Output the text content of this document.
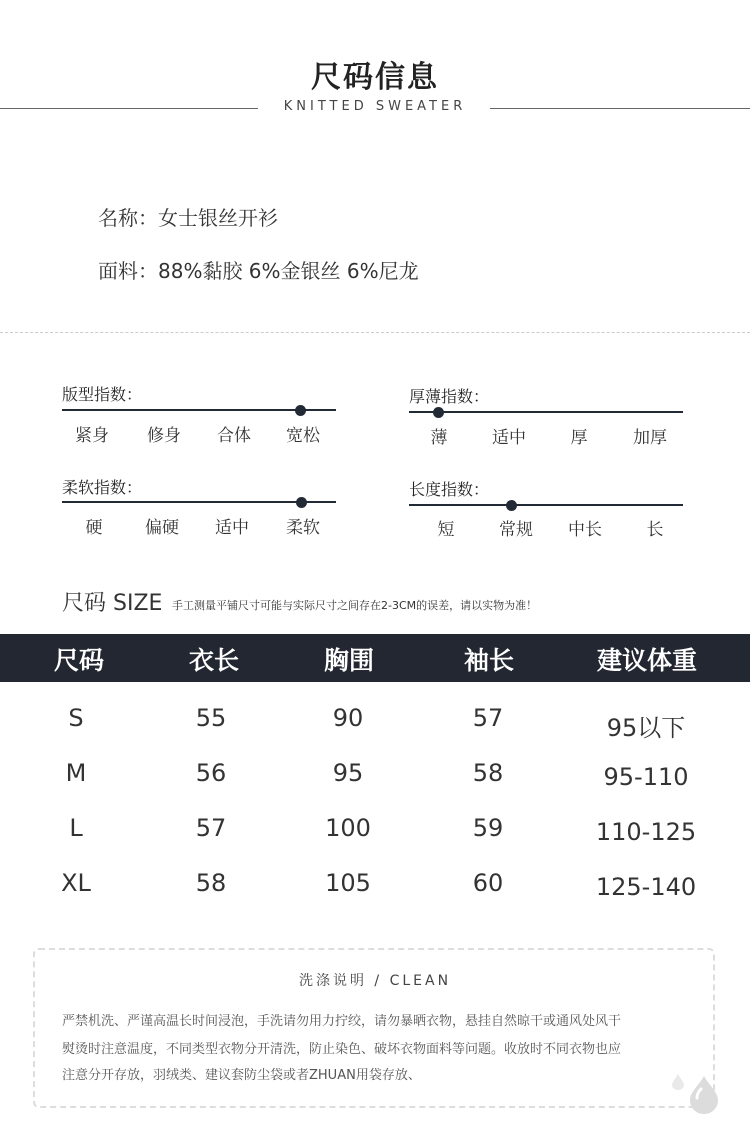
尺码信息
KNITTED SWEATER
名称：女士银丝开衫
面料：88%黏胶 6%金银丝 6%尼龙
版型指数：
紧身 修身 合体 宽松
厚薄指数：
薄	适中	厚	加厚
柔软指数：
硬	偏硬 适中 柔软
长度指数：
短	常规 中长	长
尺码 SIZE 手工测量平铺尺寸可能与实际尺寸之间存在2-3CM的误差，请以实物为准！
尺码	衣长	胸围	袖长	建议体重
S	55	90	57	95以下
M	56	95	58	95-110
L	57	100	59	110-125
XL	58	105	60	125-140
洗涤说明 / CLEAN
严禁机洗、严谨高温长时间浸泡，手洗请勿用力拧绞，请勿暴晒衣物，悬挂自然晾干或通风处风干
熨烫时注意温度，不同类型衣物分开清洗，防止染色、破坏衣物面料等问题。收放时不同衣物也应
注意分开存放，羽绒类、建议套防尘袋或者ZHUAN用袋存放、
